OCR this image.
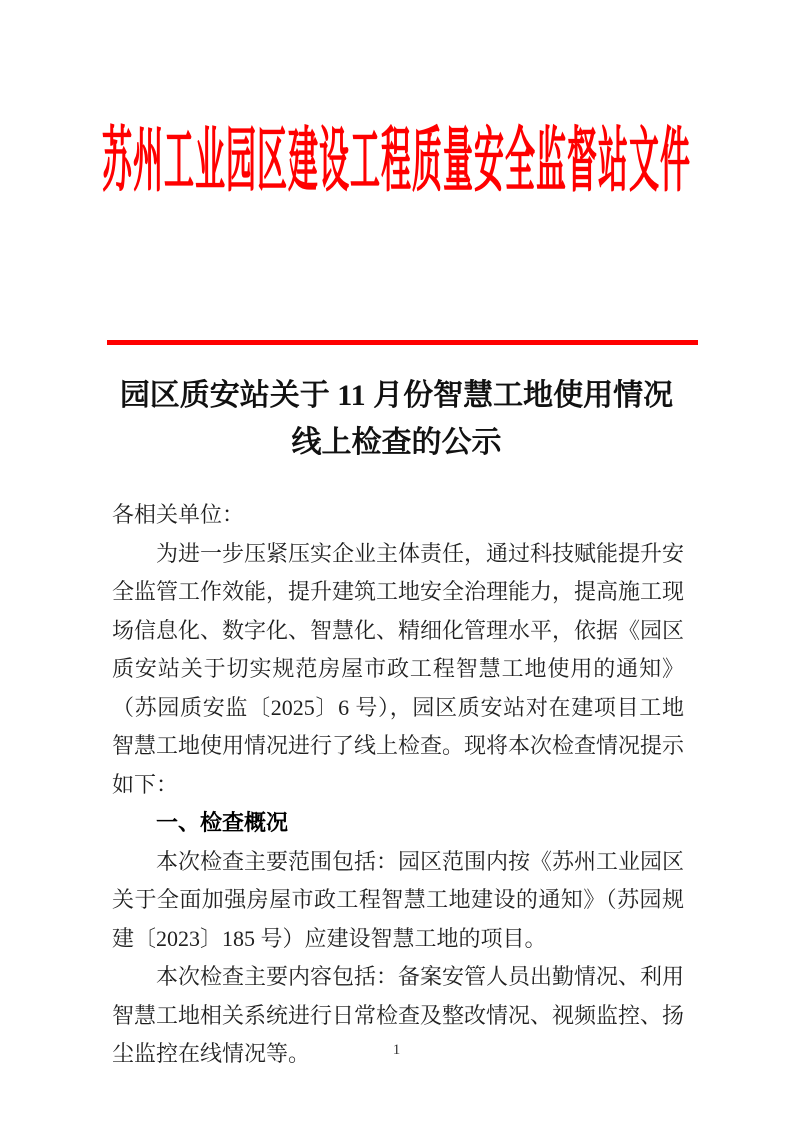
苏州工业园区建设工程质量安全监督站文件
园区质安站关于 11 月份智慧工地使用情况
线上检查的公示

各相关单位：

为进一步压紧压实企业主体责任，通过科技赋能提升安全监管工作效能，提升建筑工地安全治理能力，提高施工现场信息化、数字化、智慧化、精细化管理水平，依据《园区质安站关于切实规范房屋市政工程智慧工地使用的通知》（苏园质安监〔2025〕6 号），园区质安站对在建项目工地智慧工地使用情况进行了线上检查。现将本次检查情况提示如下：

一、检查概况

本次检查主要范围包括：园区范围内按《苏州工业园区关于全面加强房屋市政工程智慧工地建设的通知》（苏园规建〔2023〕185 号）应建设智慧工地的项目。

本次检查主要内容包括：备案安管人员出勤情况、利用智慧工地相关系统进行日常检查及整改情况、视频监控、扬尘监控在线情况等。	1
